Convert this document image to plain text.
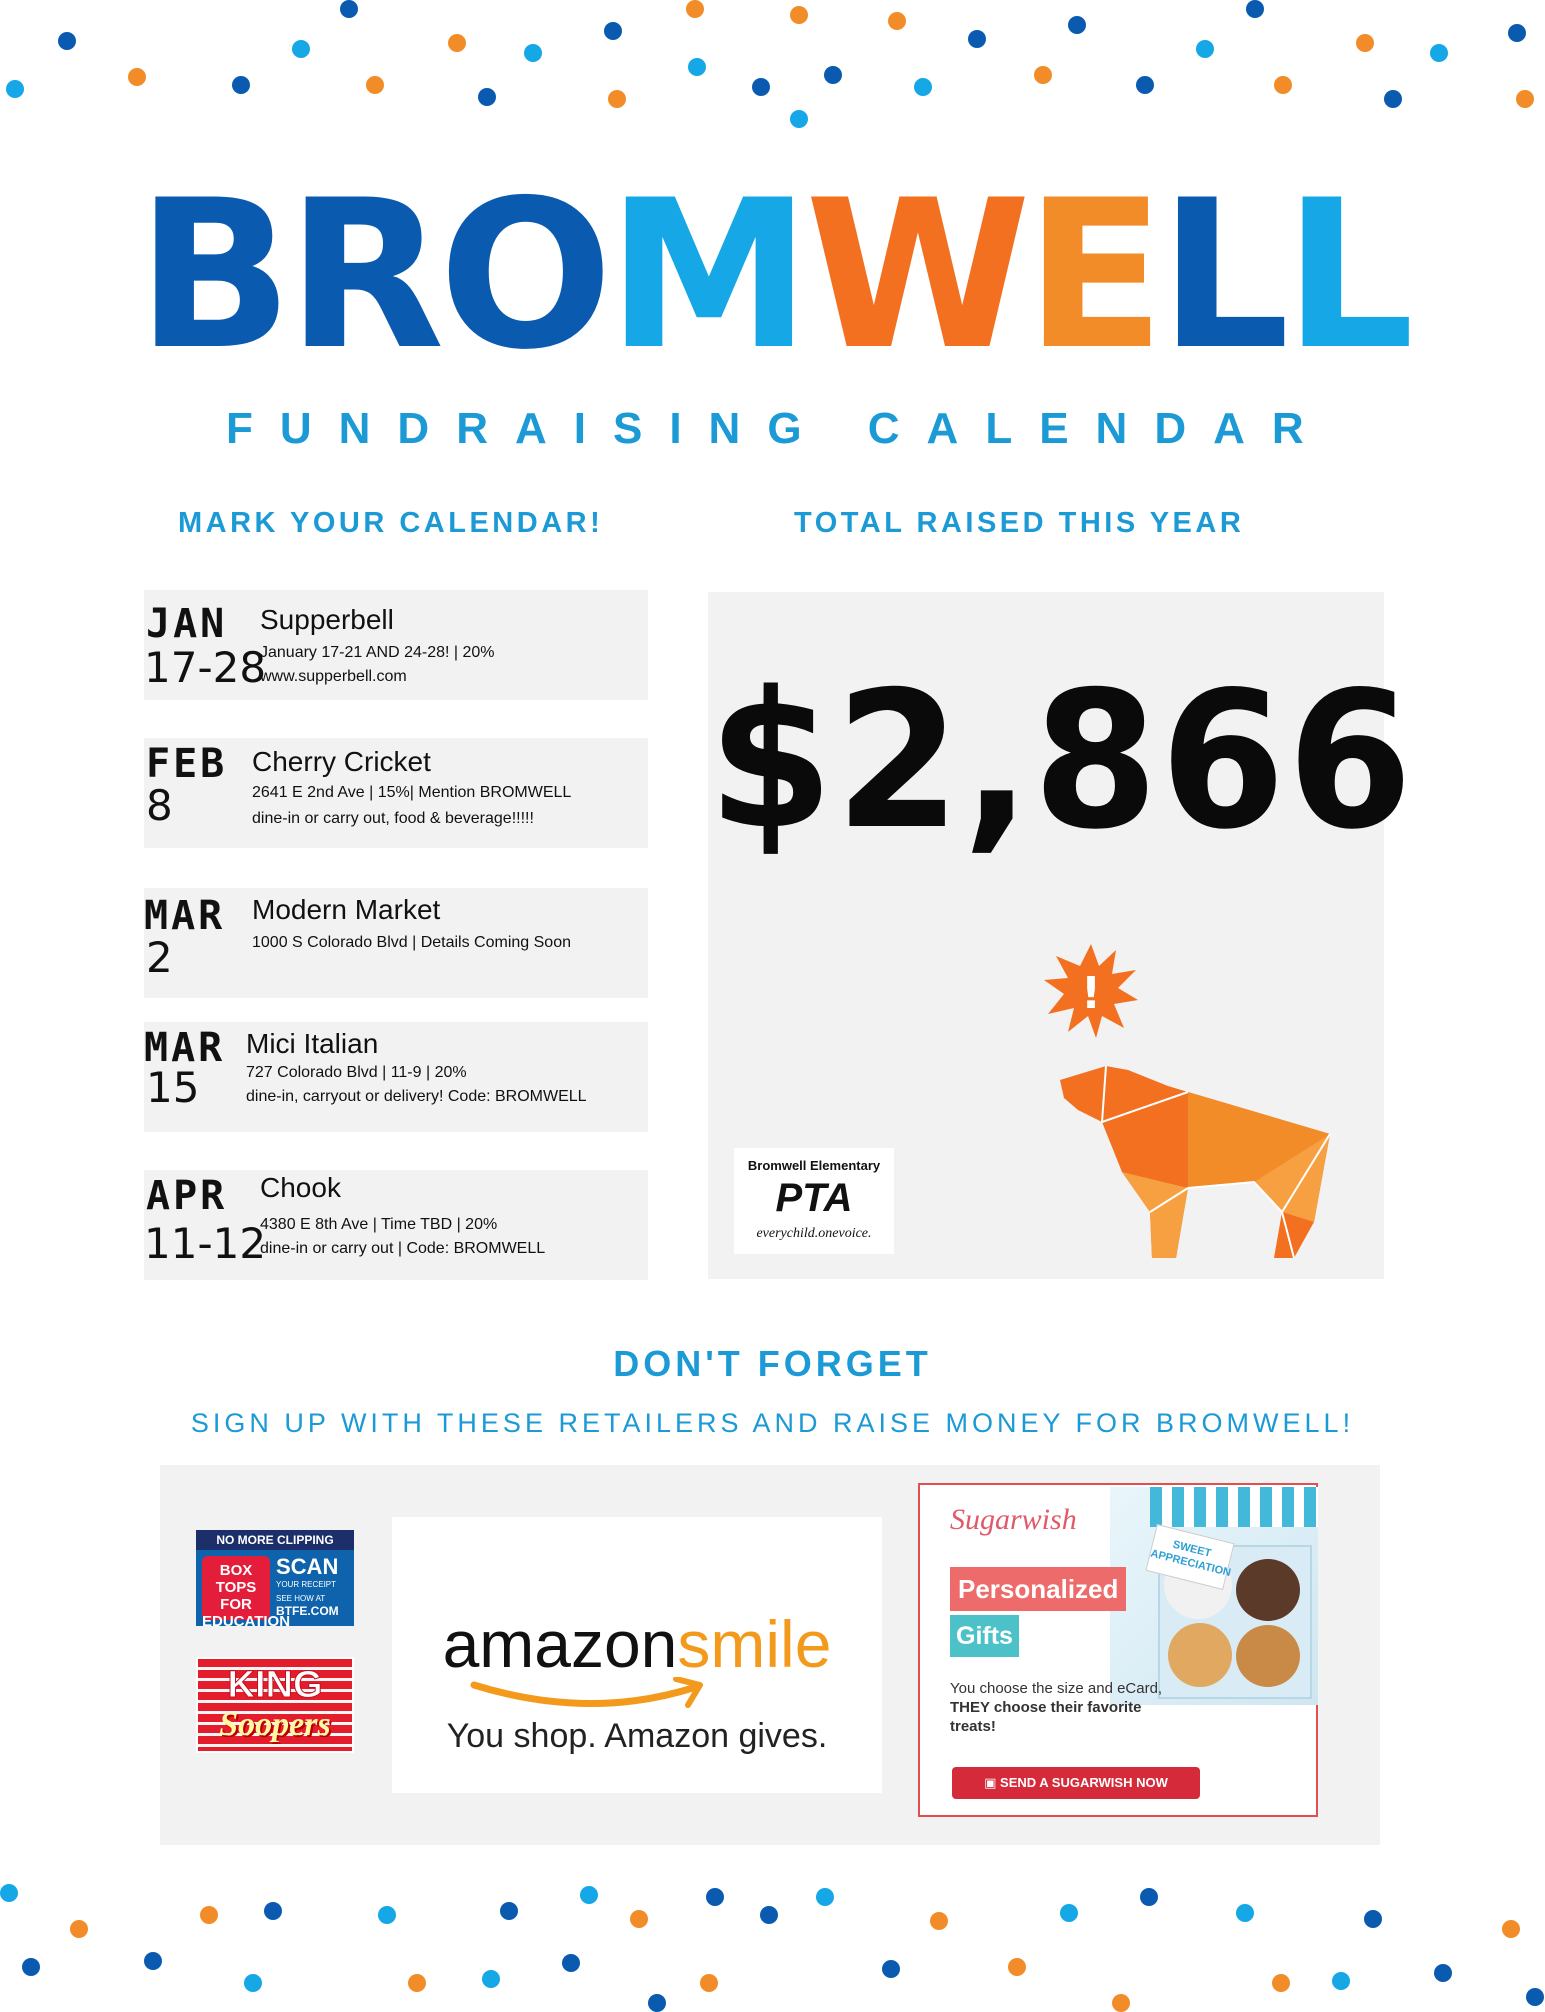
BROMWELL
FUNDRAISING CALENDAR
MARK YOUR CALENDAR!	TOTAL RAISED THIS YEAR
JAN
17-28
Supperbell
January 17-21 AND 24-28! | 20%
www.supperbell.com
FEB
8
Cherry Cricket
2641 E 2nd Ave | 15%| Mention BROMWELL
dine-in or carry out, food & beverage!!!!!
MAR
2
Modern Market
1000 S Colorado Blvd | Details Coming Soon
MAR
15
Mici Italian
727 Colorado Blvd | 11-9 | 20%
dine-in, carryout or delivery! Code: BROMWELL
APR
11-12
Chook
4380 E 8th Ave | Time TBD | 20%
dine-in or carry out | Code: BROMWELL
$2,866
!
Bromwell Elementary
PTA
everychild.onevoice.
DON'T FORGET
SIGN UP WITH THESE RETAILERS AND RAISE MONEY FOR BROMWELL!
NO MORE CLIPPING
BOX TOPS FOR EDUCATION
SCAN
YOUR RECEIPT
SEE HOW AT
BTFE.COM
KING
Soopers
amazonsmile
You shop. Amazon gives.
SWEET APPRECIATION
Sugarwish
Personalized
Gifts
You choose the size and eCard, THEY choose their favorite treats!
▣ SEND A SUGARWISH NOW
